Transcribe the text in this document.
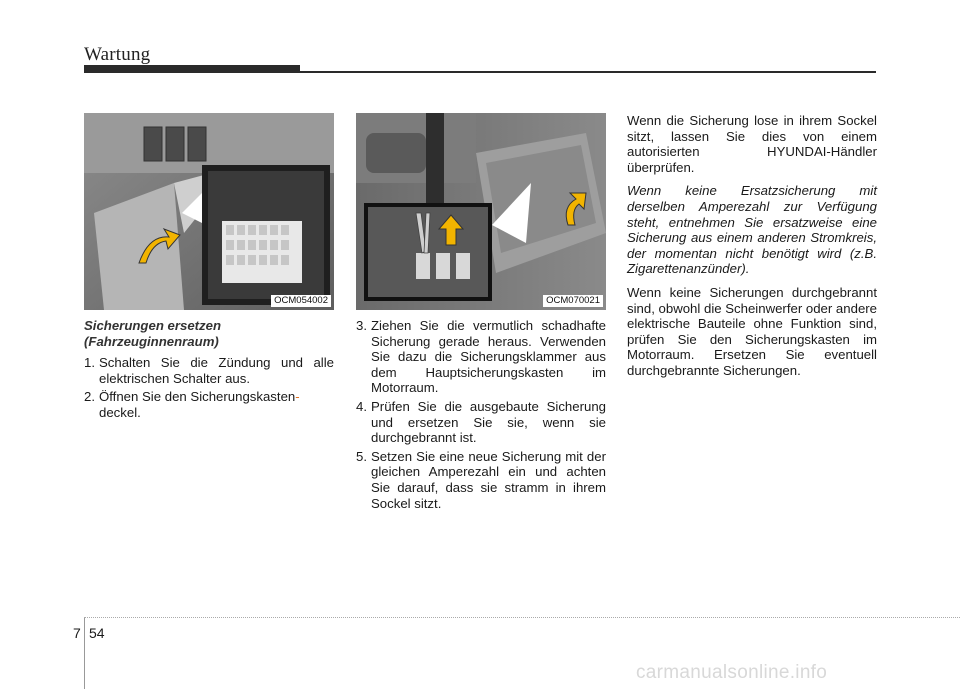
Wartung
OCM054002	OCM070021

Sicherungen ersetzen
(Fahrzeuginnenraum)

1. Schalten Sie die Zündung und alle elektrischen Schalter aus.
2. Öffnen Sie den Sicherungskasten-
deckel.
3. Ziehen Sie die vermutlich schadhafte Sicherung gerade heraus. Verwenden Sie dazu die Sicherungsklammer aus dem Hauptsicherungskasten im Motorraum.
4. Prüfen Sie die ausgebaute Sicherung und ersetzen Sie sie, wenn sie durchgebrannt ist.
5. Setzen Sie eine neue Sicherung mit der gleichen Amperezahl ein und achten Sie darauf, dass sie stramm in ihrem Sockel sitzt.

Wenn die Sicherung lose in ihrem Sockel sitzt, lassen Sie dies von einem autorisierten HYUNDAI-Händler überprüfen.

Wenn keine Ersatzsicherung mit derselben Amperezahl zur Verfügung steht, entnehmen Sie ersatzweise eine Sicherung aus einem anderen Stromkreis, der momentan nicht benötigt wird (z.B. Zigarettenanzünder).

Wenn keine Sicherungen durchgebrannt sind, obwohl die Scheinwerfer oder andere elektrische Bauteile ohne Funktion sind, prüfen Sie den Sicherungskasten im Motorraum. Ersetzen Sie eventuell durchgebrannte Sicherungen.

7 54
carmanualsonline.info
